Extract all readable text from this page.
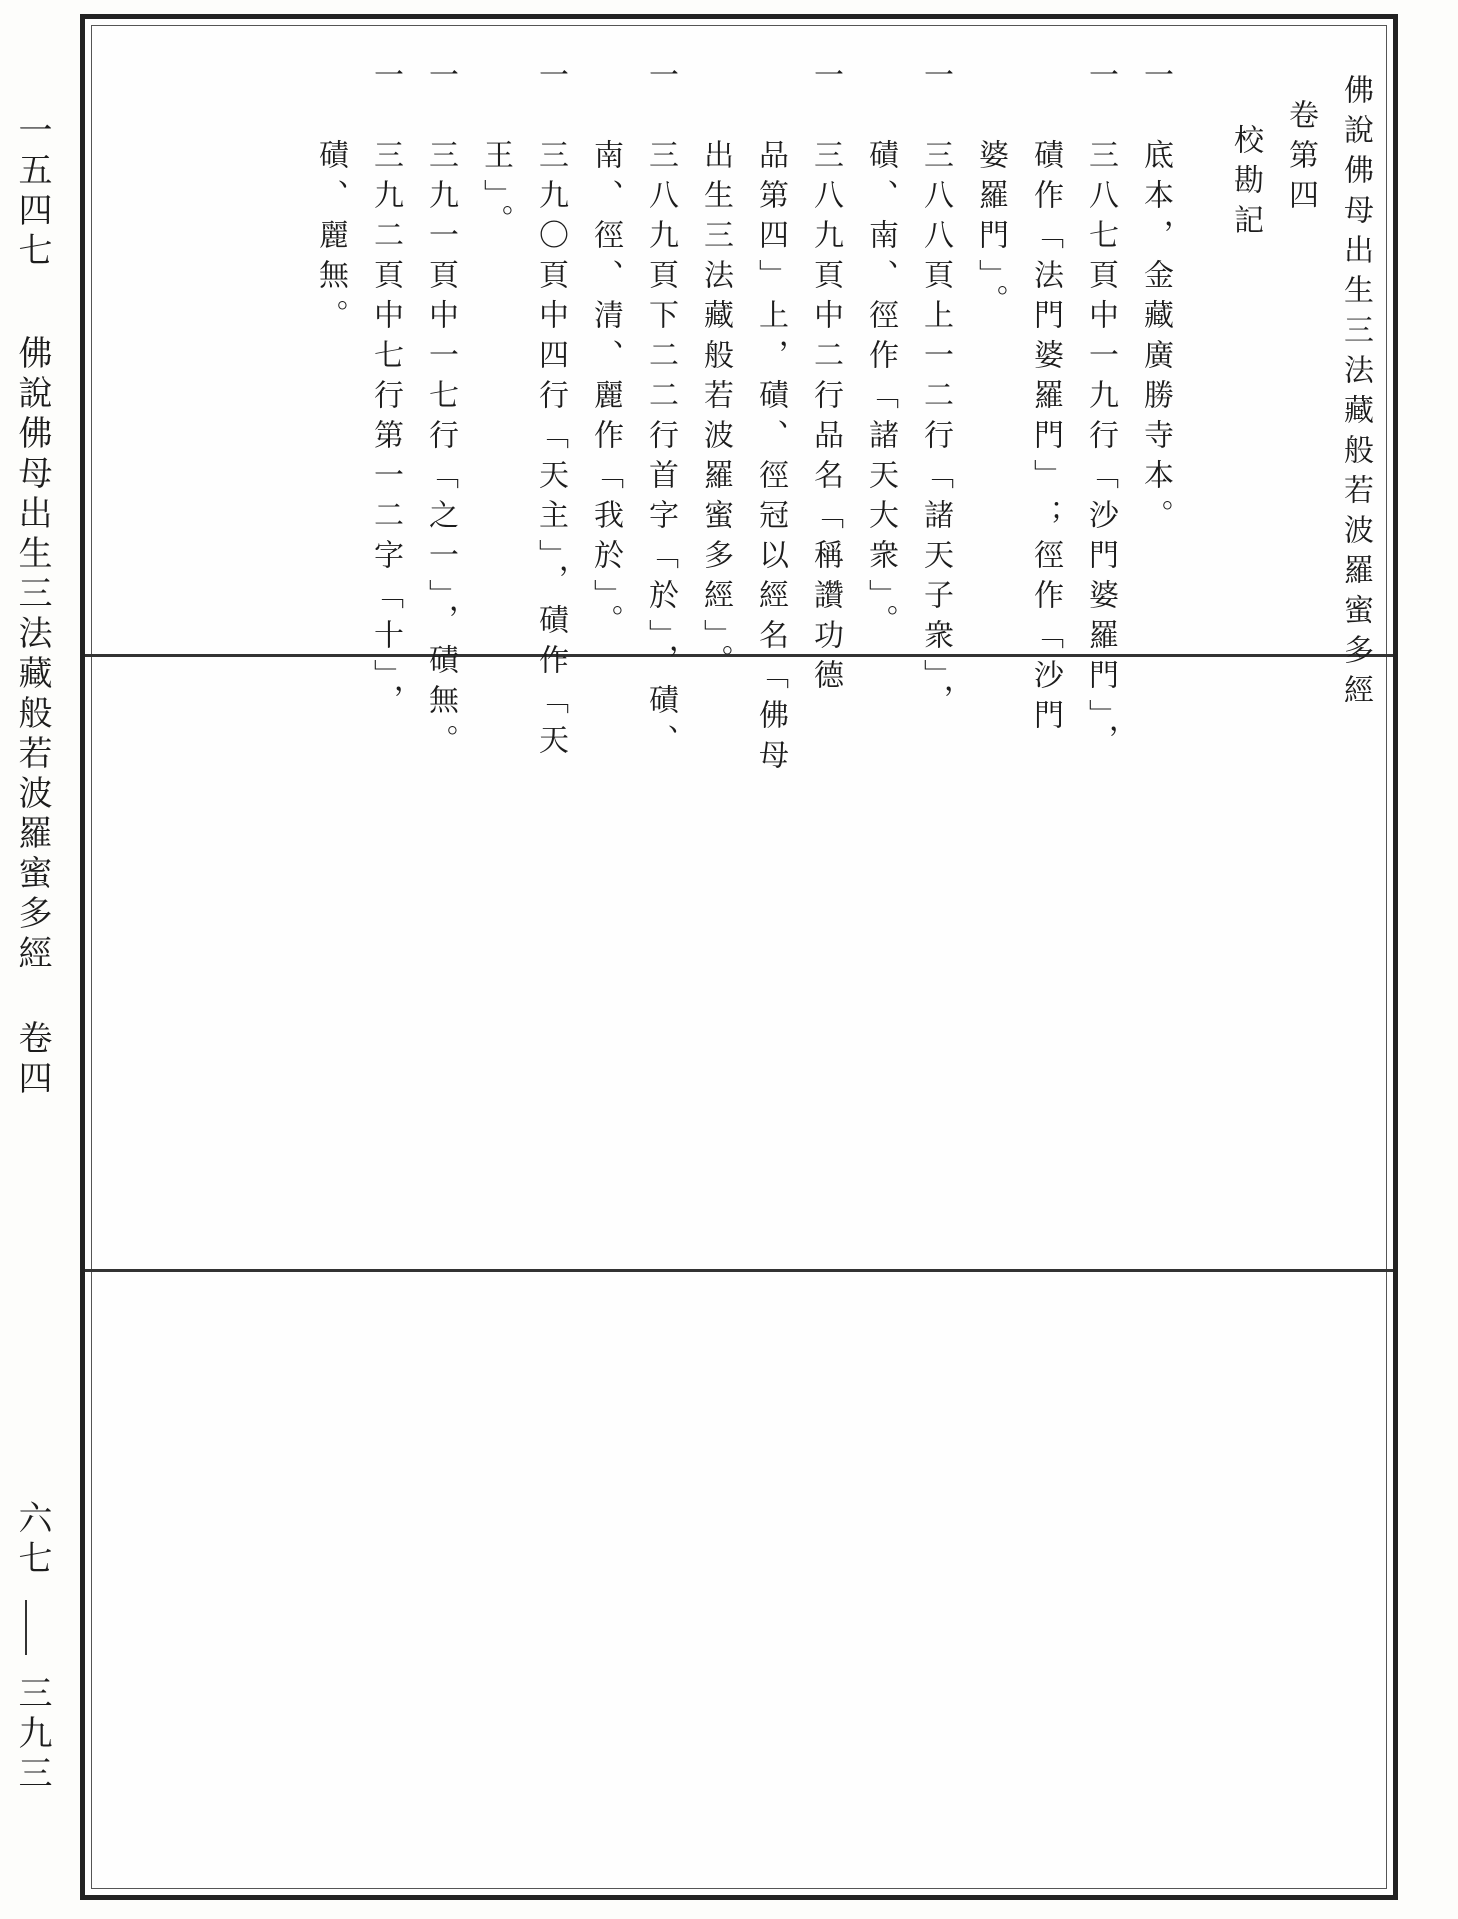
一五四七
佛說佛母出生三法藏般若波羅蜜多經
卷四
六七
三九三
佛說佛母出生三法藏般若波羅蜜多經
卷第四
校勘記
一
底本，金藏廣勝寺本。
一
三八七頁中一九行「沙門婆羅門」，
磧作「法門婆羅門」；徑作「沙門
婆羅門」。
一
三八八頁上一二行「諸天子衆」，
磧、南、徑作「諸天大衆」。
一
三八九頁中二行品名「稱讚功德
品第四」上，磧、徑冠以經名「佛母
出生三法藏般若波羅蜜多經」。
一
三八九頁下二二行首字「於」，磧、
南、徑、清、麗作「我於」。
一
三九〇頁中四行「天主」，磧作「天
王」。
一
三九一頁中一七行「之一」，磧無。
一
三九二頁中七行第一二字「十」，
磧、麗無。
